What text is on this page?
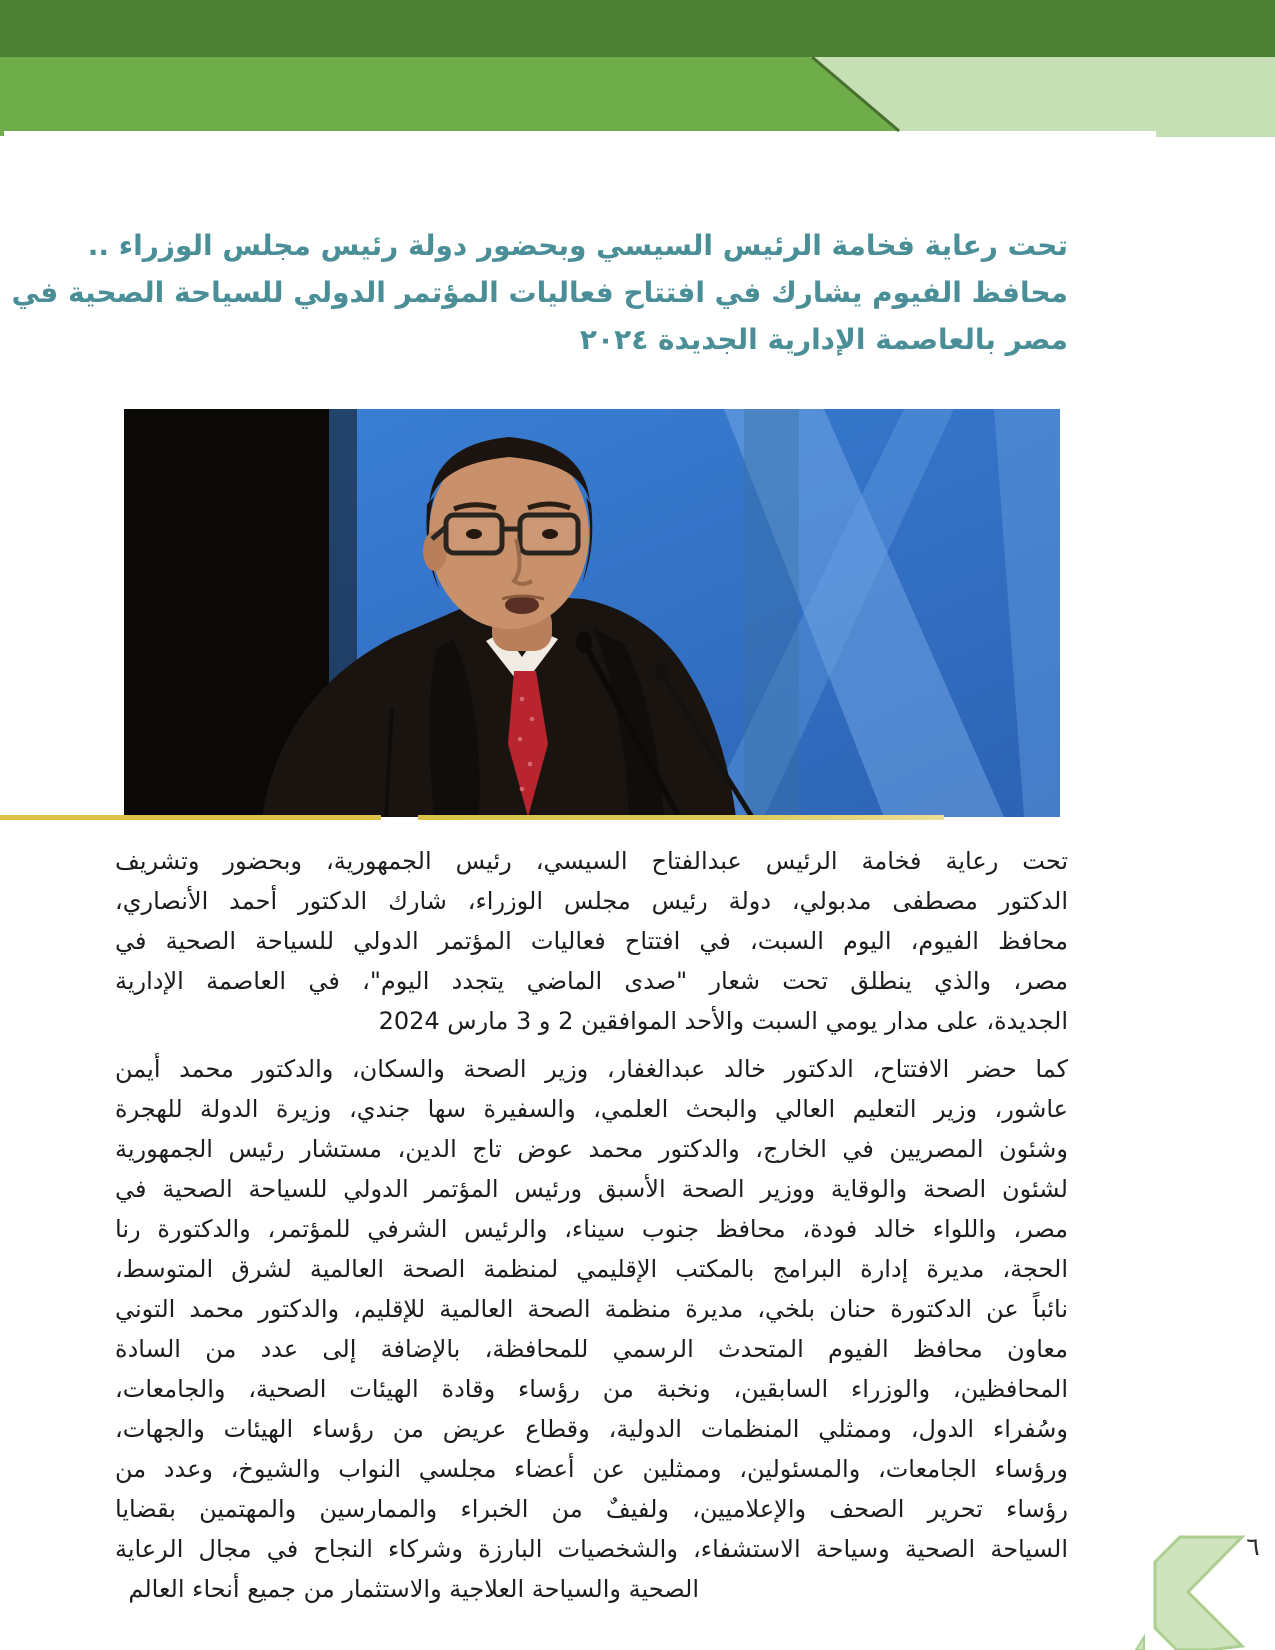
تحت رعاية فخامة الرئيس السيسي وبحضور دولة رئيس مجلس الوزراء ..
محافظ الفيوم يشارك في افتتاح فعاليات المؤتمر الدولي للسياحة الصحية في
مصر بالعاصمة الإدارية الجديدة ٢٠٢٤
تحت رعاية فخامة الرئيس عبدالفتاح السيسي، رئيس الجمهورية، وبحضور وتشريف
الدكتور مصطفى مدبولي، دولة رئيس مجلس الوزراء، شارك الدكتور أحمد الأنصاري،
محافظ الفيوم، اليوم السبت، في افتتاح فعاليات المؤتمر الدولي للسياحة الصحية في
مصر، والذي ينطلق تحت شعار "صدى الماضي يتجدد اليوم"، في العاصمة الإدارية
الجديدة، على مدار يومي السبت والأحد الموافقين 2 و 3 مارس 2024
كما حضر الافتتاح، الدكتور خالد عبدالغفار، وزير الصحة والسكان، والدكتور محمد أيمن
عاشور، وزير التعليم العالي والبحث العلمي، والسفيرة سها جندي، وزيرة الدولة للهجرة
وشئون المصريين في الخارج، والدكتور محمد عوض تاج الدين، مستشار رئيس الجمهورية
لشئون الصحة والوقاية ووزير الصحة الأسبق ورئيس المؤتمر الدولي للسياحة الصحية في
مصر، واللواء خالد فودة، محافظ جنوب سيناء، والرئيس الشرفي للمؤتمر، والدكتورة رنا
الحجة، مديرة إدارة البرامج بالمكتب الإقليمي لمنظمة الصحة العالمية لشرق المتوسط،
نائباً عن الدكتورة حنان بلخي، مديرة منظمة الصحة العالمية للإقليم، والدكتور محمد التوني
معاون محافظ الفيوم المتحدث الرسمي للمحافظة، بالإضافة إلى عدد من السادة
المحافظين، والوزراء السابقين، ونخبة من رؤساء وقادة الهيئات الصحية، والجامعات،
وسُفراء الدول، وممثلي المنظمات الدولية، وقطاع عريض من رؤساء الهيئات والجهات،
ورؤساء الجامعات، والمسئولين، وممثلين عن أعضاء مجلسي النواب والشيوخ، وعدد من
رؤساء تحرير الصحف والإعلاميين، ولفيفٌ من الخبراء والممارسين والمهتمين بقضايا
السياحة الصحية وسياحة الاستشفاء، والشخصيات البارزة وشركاء النجاح في مجال الرعاية
الصحية والسياحة العلاجية والاستثمار من جميع أنحاء العالم
٦
